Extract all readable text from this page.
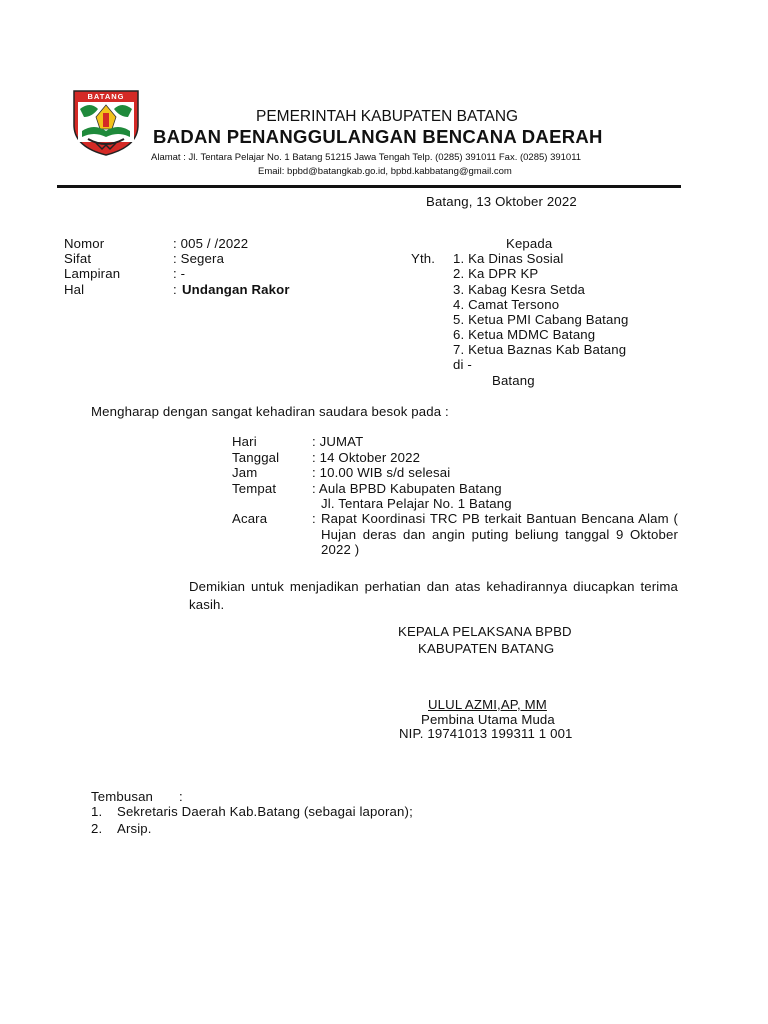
BATANG
PEMERINTAH KABUPATEN BATANG
BADAN PENANGGULANGAN BENCANA DAERAH
Alamat : Jl. Tentara Pelajar No. 1 Batang 51215 Jawa Tengah Telp. (0285) 391011 Fax. (0285) 391011
Email: bpbd@batangkab.go.id, bpbd.kabbatang@gmail.com
Batang, 13 Oktober 2022
Nomor	: 005 / /2022
Sifat	: Segera
Lampiran	: -
Hal	: Undangan Rakor
Kepada
Yth. 1. Ka Dinas Sosial
2. Ka DPR KP
3. Kabag Kesra Setda
4. Camat Tersono
5. Ketua PMI Cabang Batang
6. Ketua MDMC Batang
7. Ketua Baznas Kab Batang
di -
Batang
Mengharap dengan sangat kehadiran saudara besok pada :
Hari	: JUMAT
Tanggal : 14 Oktober 2022
Jam	: 10.00 WIB s/d selesai
Tempat	: Aula BPBD Kabupaten Batang
Jl. Tentara Pelajar No. 1 Batang
Acara	: Rapat Koordinasi TRC PB terkait Bantuan Bencana Alam ( Hujan deras dan angin puting beliung tanggal 9 Oktober 2022 )
Demikian untuk menjadikan perhatian dan atas kehadirannya diucapkan terima kasih.
KEPALA PELAKSANA BPBD
KABUPATEN BATANG
ULUL AZMI,AP, MM
Pembina Utama Muda
NIP. 19741013 199311 1 001
Tembusan :
1. Sekretaris Daerah Kab.Batang (sebagai laporan);
2. Arsip.
